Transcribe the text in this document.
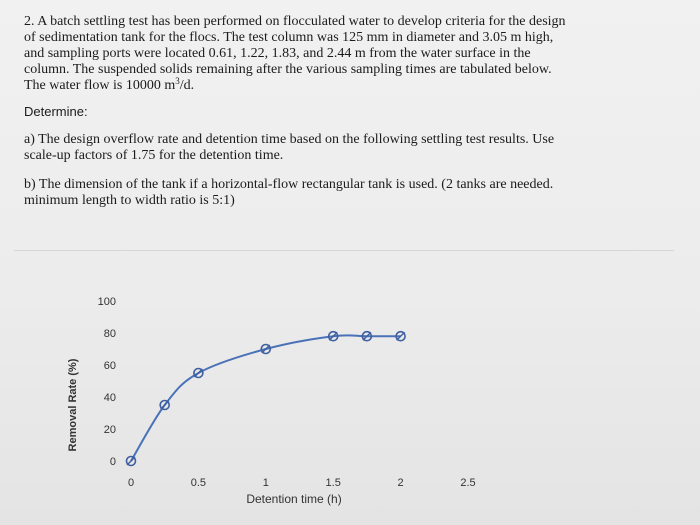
2. A batch settling test has been performed on flocculated water to develop criteria for the design
of sedimentation tank for the flocs. The test column was 125 mm in diameter and 3.05 m high,
and sampling ports were located 0.61, 1.22, 1.83, and 2.44 m from the water surface in the
column. The suspended solids remaining after the various sampling times are tabulated below.
The water flow is 10000 $m^3/d$.

Determine:

a) The design overflow rate and detention time based on the following settling test results. Use
scale-up factors of 1.75 for the detention time.

b) The dimension of the tank if a horizontal-flow rectangular tank is used. (2 tanks are needed.
minimum length to width ratio is 5:1)

0
20
40
60
80
100
0	0.5	1	1.5	2	2.5
Removal Rate (%)
Detention time (h)
